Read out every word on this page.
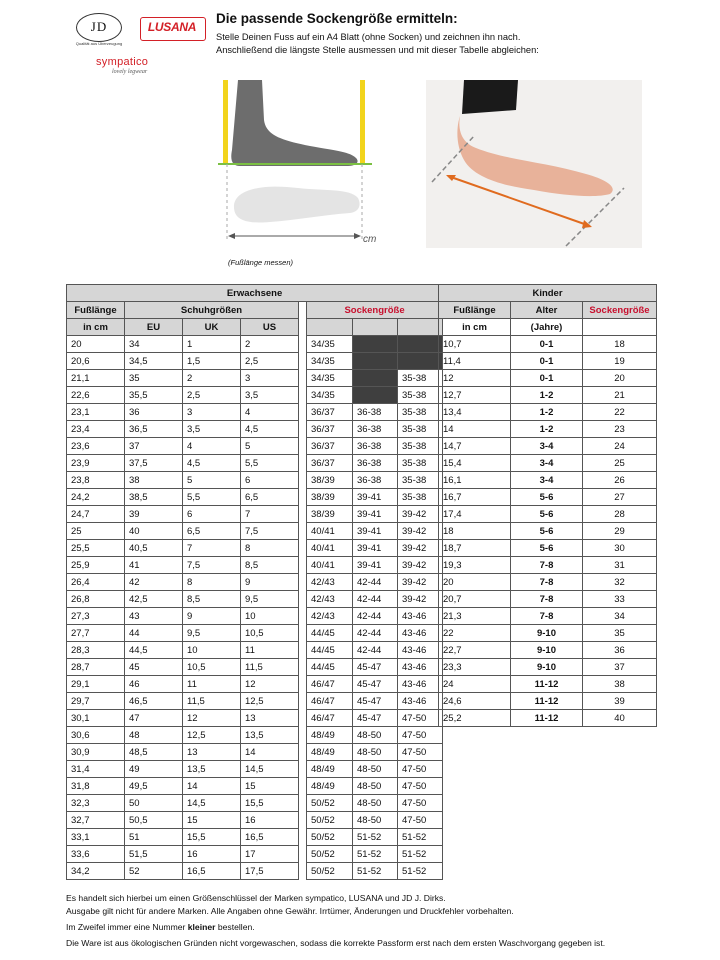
JD
Qualität aus Überzeugung
LUSANA
sympatico
lovely legwear
Die passende Sockengröße ermitteln:
Stelle Deinen Fuss auf ein A4 Blatt (ohne Socken) und zeichnen ihn nach.
Anschließend die längste Stelle ausmessen und mit dieser Tabelle abgleichen:
cm
(Fußlänge messen)
Erwachsene							
Fußlänge	Schuhgrößen				Sockengröße		
in cm	EU	UK	US				
20	34	1	2		34/35		
20,6	34,5	1,5	2,5		34/35		
21,1	35	2	3		34/35		35-38
22,6	35,5	2,5	3,5		34/35		35-38
23,1	36	3	4		36/37	36-38	35-38
23,4	36,5	3,5	4,5		36/37	36-38	35-38
23,6	37	4	5		36/37	36-38	35-38
23,9	37,5	4,5	5,5		36/37	36-38	35-38
23,8	38	5	6		38/39	36-38	35-38
24,2	38,5	5,5	6,5		38/39	39-41	35-38
24,7	39	6	7		38/39	39-41	39-42
25	40	6,5	7,5		40/41	39-41	39-42
25,5	40,5	7	8		40/41	39-41	39-42
25,9	41	7,5	8,5		40/41	39-41	39-42
26,4	42	8	9		42/43	42-44	39-42
26,8	42,5	8,5	9,5		42/43	42-44	39-42
27,3	43	9	10		42/43	42-44	43-46
27,7	44	9,5	10,5		44/45	42-44	43-46
28,3	44,5	10	11		44/45	42-44	43-46
28,7	45	10,5	11,5		44/45	45-47	43-46
29,1	46	11	12		46/47	45-47	43-46
29,7	46,5	11,5	12,5		46/47	45-47	43-46
30,1	47	12	13		46/47	45-47	47-50
30,6	48	12,5	13,5		48/49	48-50	47-50
30,9	48,5	13	14		48/49	48-50	47-50
31,4	49	13,5	14,5		48/49	48-50	47-50
31,8	49,5	14	15		48/49	48-50	47-50
32,3	50	14,5	15,5		50/52	48-50	47-50
32,7	50,5	15	16		50/52	48-50	47-50
33,1	51	15,5	16,5		50/52	51-52	51-52
33,6	51,5	16	17		50/52	51-52	51-52
34,2	52	16,5	17,5		50/52	51-52	51-52
Kinder		
Fußlänge	Alter	Sockengröße
in cm	(Jahre)	
10,7	0-1	18
11,4	0-1	19
12	0-1	20
12,7	1-2	21
13,4	1-2	22
14	1-2	23
14,7	3-4	24
15,4	3-4	25
16,1	3-4	26
16,7	5-6	27
17,4	5-6	28
18	5-6	29
18,7	5-6	30
19,3	7-8	31
20	7-8	32
20,7	7-8	33
21,3	7-8	34
22	9-10	35
22,7	9-10	36
23,3	9-10	37
24	11-12	38
24,6	11-12	39
25,2	11-12	40
Es handelt sich hierbei um einen Größenschlüssel der Marken sympatico, LUSANA und JD J. Dirks.
Ausgabe gilt nicht für andere Marken. Alle Angaben ohne Gewähr. Irrtümer, Änderungen und Druckfehler vorbehalten.
Im Zweifel immer eine Nummer kleiner bestellen.
Die Ware ist aus ökologischen Gründen nicht vorgewaschen, sodass die korrekte Passform erst nach dem ersten Waschvorgang gegeben ist.
